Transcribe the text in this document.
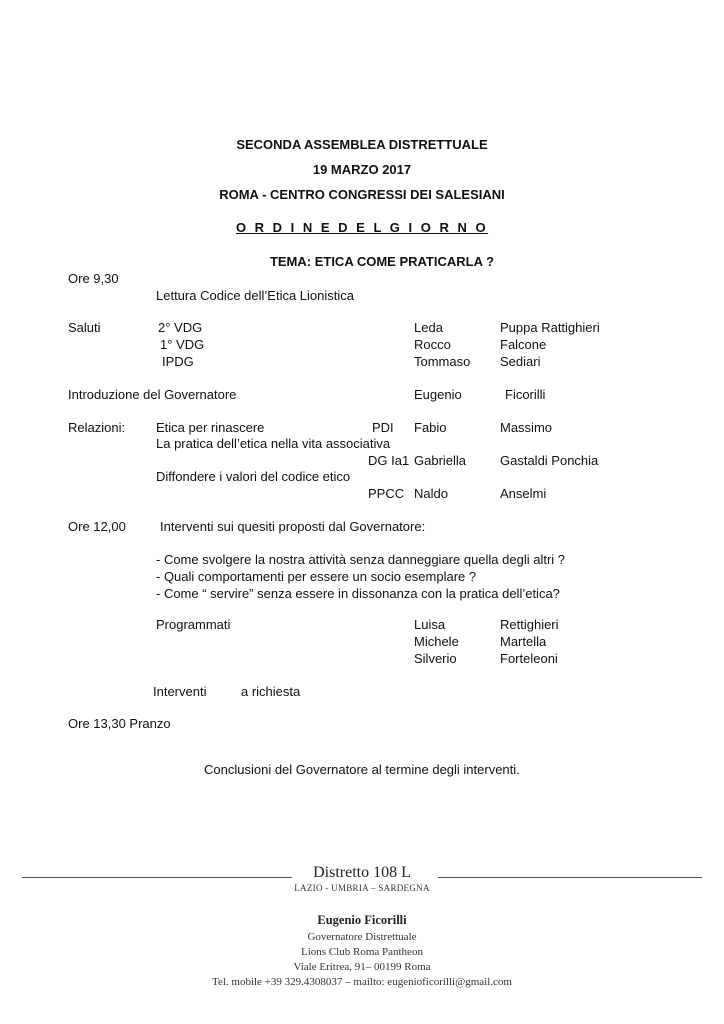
SECONDA ASSEMBLEA DISTRETTUALE
19 MARZO 2017
ROMA - CENTRO CONGRESSI DEI SALESIANI
O R D I N E D E L G I O R N O
TEMA: ETICA COME PRATICARLA ?
Ore 9,30
Lettura Codice dell’Etica Lionistica
Saluti	2° VDG	Leda	Puppa Rattighieri
1° VDG	Rocco	Falcone
IPDG	Tommaso Sediari
Introduzione del Governatore	Eugenio	Ficorilli
Relazioni: Etica per rinascere	PDI Fabio	Massimo
La pratica dell’etica nella vita associativa
DG Ia1 Gabriella	Gastaldi Ponchia
Diffondere i valori del codice etico
PPCC Naldo	Anselmi
Ore 12,00	Interventi sui quesiti proposti dal Governatore:
- Come svolgere la nostra attività senza danneggiare quella degli altri ?
- Quali comportamenti per essere un socio esemplare ?
- Come “ servire” senza essere in dissonanza con la pratica dell’etica?
Programmati	Luisa	Rettighieri
Michele	Martella
Silverio	Forteleoni
Interventi	a richiesta
Ore 13,30 Pranzo
Conclusioni del Governatore al termine degli interventi.
Distretto 108 L
LAZIO - UMBRIA – SARDEGNA
Eugenio Ficorilli
Governatore Distrettuale
Lions Club Roma Pantheon
Viale Eritrea, 91– 00199 Roma
Tel. mobile +39 329.4308037 – mailto: eugenioficorilli@gmail.com
